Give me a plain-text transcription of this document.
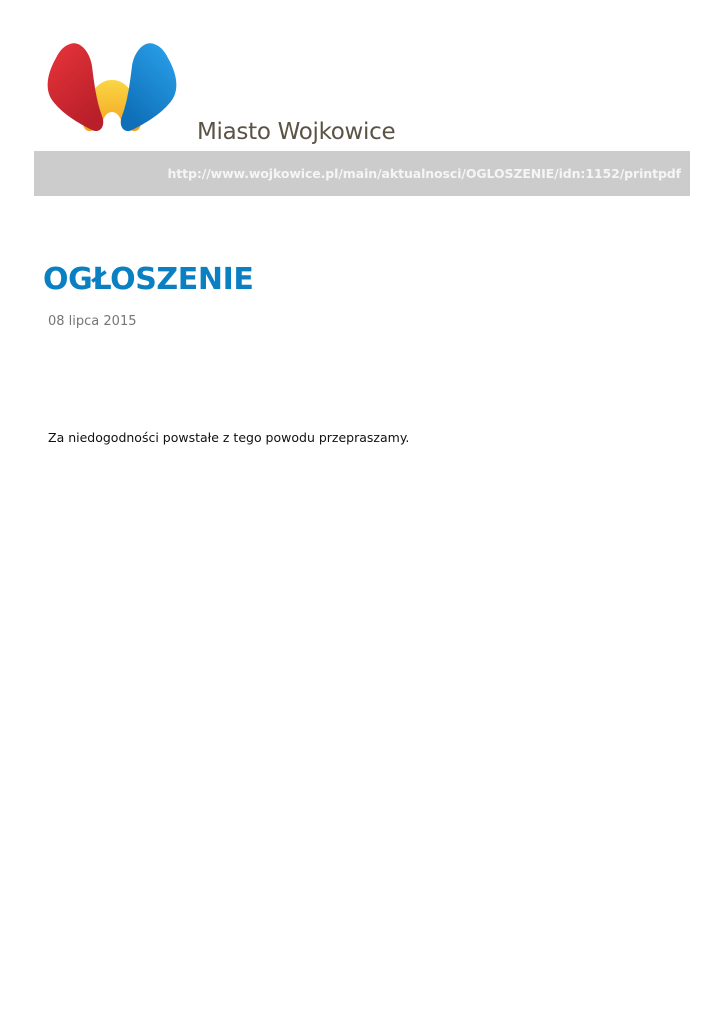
Miasto Wojkowice
http://www.wojkowice.pl/main/aktualnosci/OGLOSZENIE/idn:1152/printpdf
OGŁOSZENIE
08 lipca 2015

Za niedogodności powstałe z tego powodu przepraszamy.
